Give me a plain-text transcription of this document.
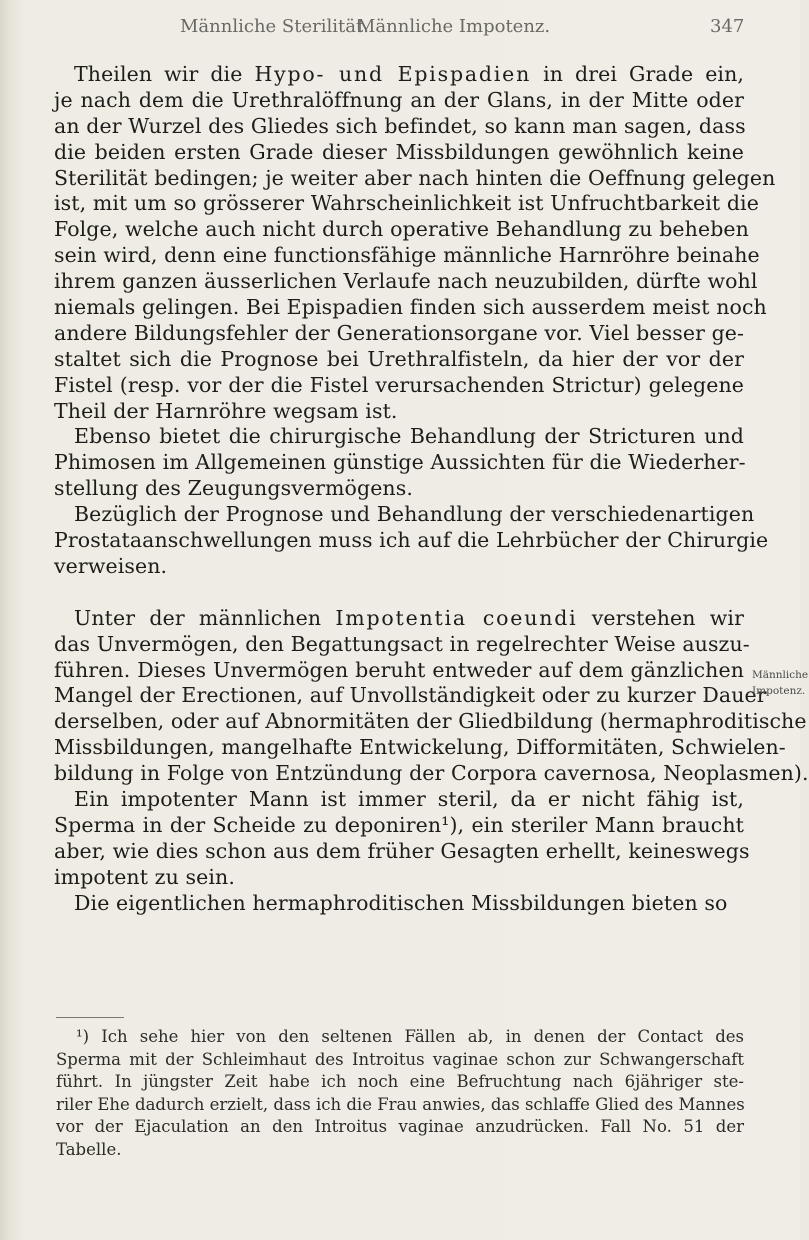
Männliche Sterilität.
Männliche Impotenz.	347
Theilen wir die Hypo- und Epispadien in drei Grade ein,
je nach dem die Urethralöffnung an der Glans, in der Mitte oder
an der Wurzel des Gliedes sich befindet, so kann man sagen, dass
die beiden ersten Grade dieser Missbildungen gewöhnlich keine
Sterilität bedingen; je weiter aber nach hinten die Oeffnung gelegen
ist, mit um so grösserer Wahrscheinlichkeit ist Unfruchtbarkeit die
Folge, welche auch nicht durch operative Behandlung zu beheben
sein wird, denn eine functionsfähige männliche Harnröhre beinahe
ihrem ganzen äusserlichen Verlaufe nach neuzubilden, dürfte wohl
niemals gelingen. Bei Epispadien finden sich ausserdem meist noch
andere Bildungsfehler der Generationsorgane vor. Viel besser ge-
staltet sich die Prognose bei Urethralfisteln, da hier der vor der
Fistel (resp. vor der die Fistel verursachenden Strictur) gelegene
Theil der Harnröhre wegsam ist.
Ebenso bietet die chirurgische Behandlung der Stricturen und
Phimosen im Allgemeinen günstige Aussichten für die Wiederher-
stellung des Zeugungsvermögens.
Bezüglich der Prognose und Behandlung der verschiedenartigen
Prostataanschwellungen muss ich auf die Lehrbücher der Chirurgie
verweisen.
Unter der männlichen Impotentia coeundi verstehen wir
das Unvermögen, den Begattungsact in regelrechter Weise auszu-
führen. Dieses Unvermögen beruht entweder auf dem gänzlichen
Mangel der Erectionen, auf Unvollständigkeit oder zu kurzer Dauer
derselben, oder auf Abnormitäten der Gliedbildung (hermaphroditische
Missbildungen, mangelhafte Entwickelung, Difformitäten, Schwielen-
bildung in Folge von Entzündung der Corpora cavernosa, Neoplasmen).
Ein impotenter Mann ist immer steril, da er nicht fähig ist,
Sperma in der Scheide zu deponiren¹), ein steriler Mann braucht
aber, wie dies schon aus dem früher Gesagten erhellt, keineswegs
impotent zu sein.
Die eigentlichen hermaphroditischen Missbildungen bieten so
Männliche
Impotenz.
¹) Ich sehe hier von den seltenen Fällen ab, in denen der Contact des
Sperma mit der Schleimhaut des Introitus vaginae schon zur Schwangerschaft
führt. In jüngster Zeit habe ich noch eine Befruchtung nach 6jähriger ste-
riler Ehe dadurch erzielt, dass ich die Frau anwies, das schlaffe Glied des Mannes
vor der Ejaculation an den Introitus vaginae anzudrücken. Fall No. 51 der
Tabelle.
